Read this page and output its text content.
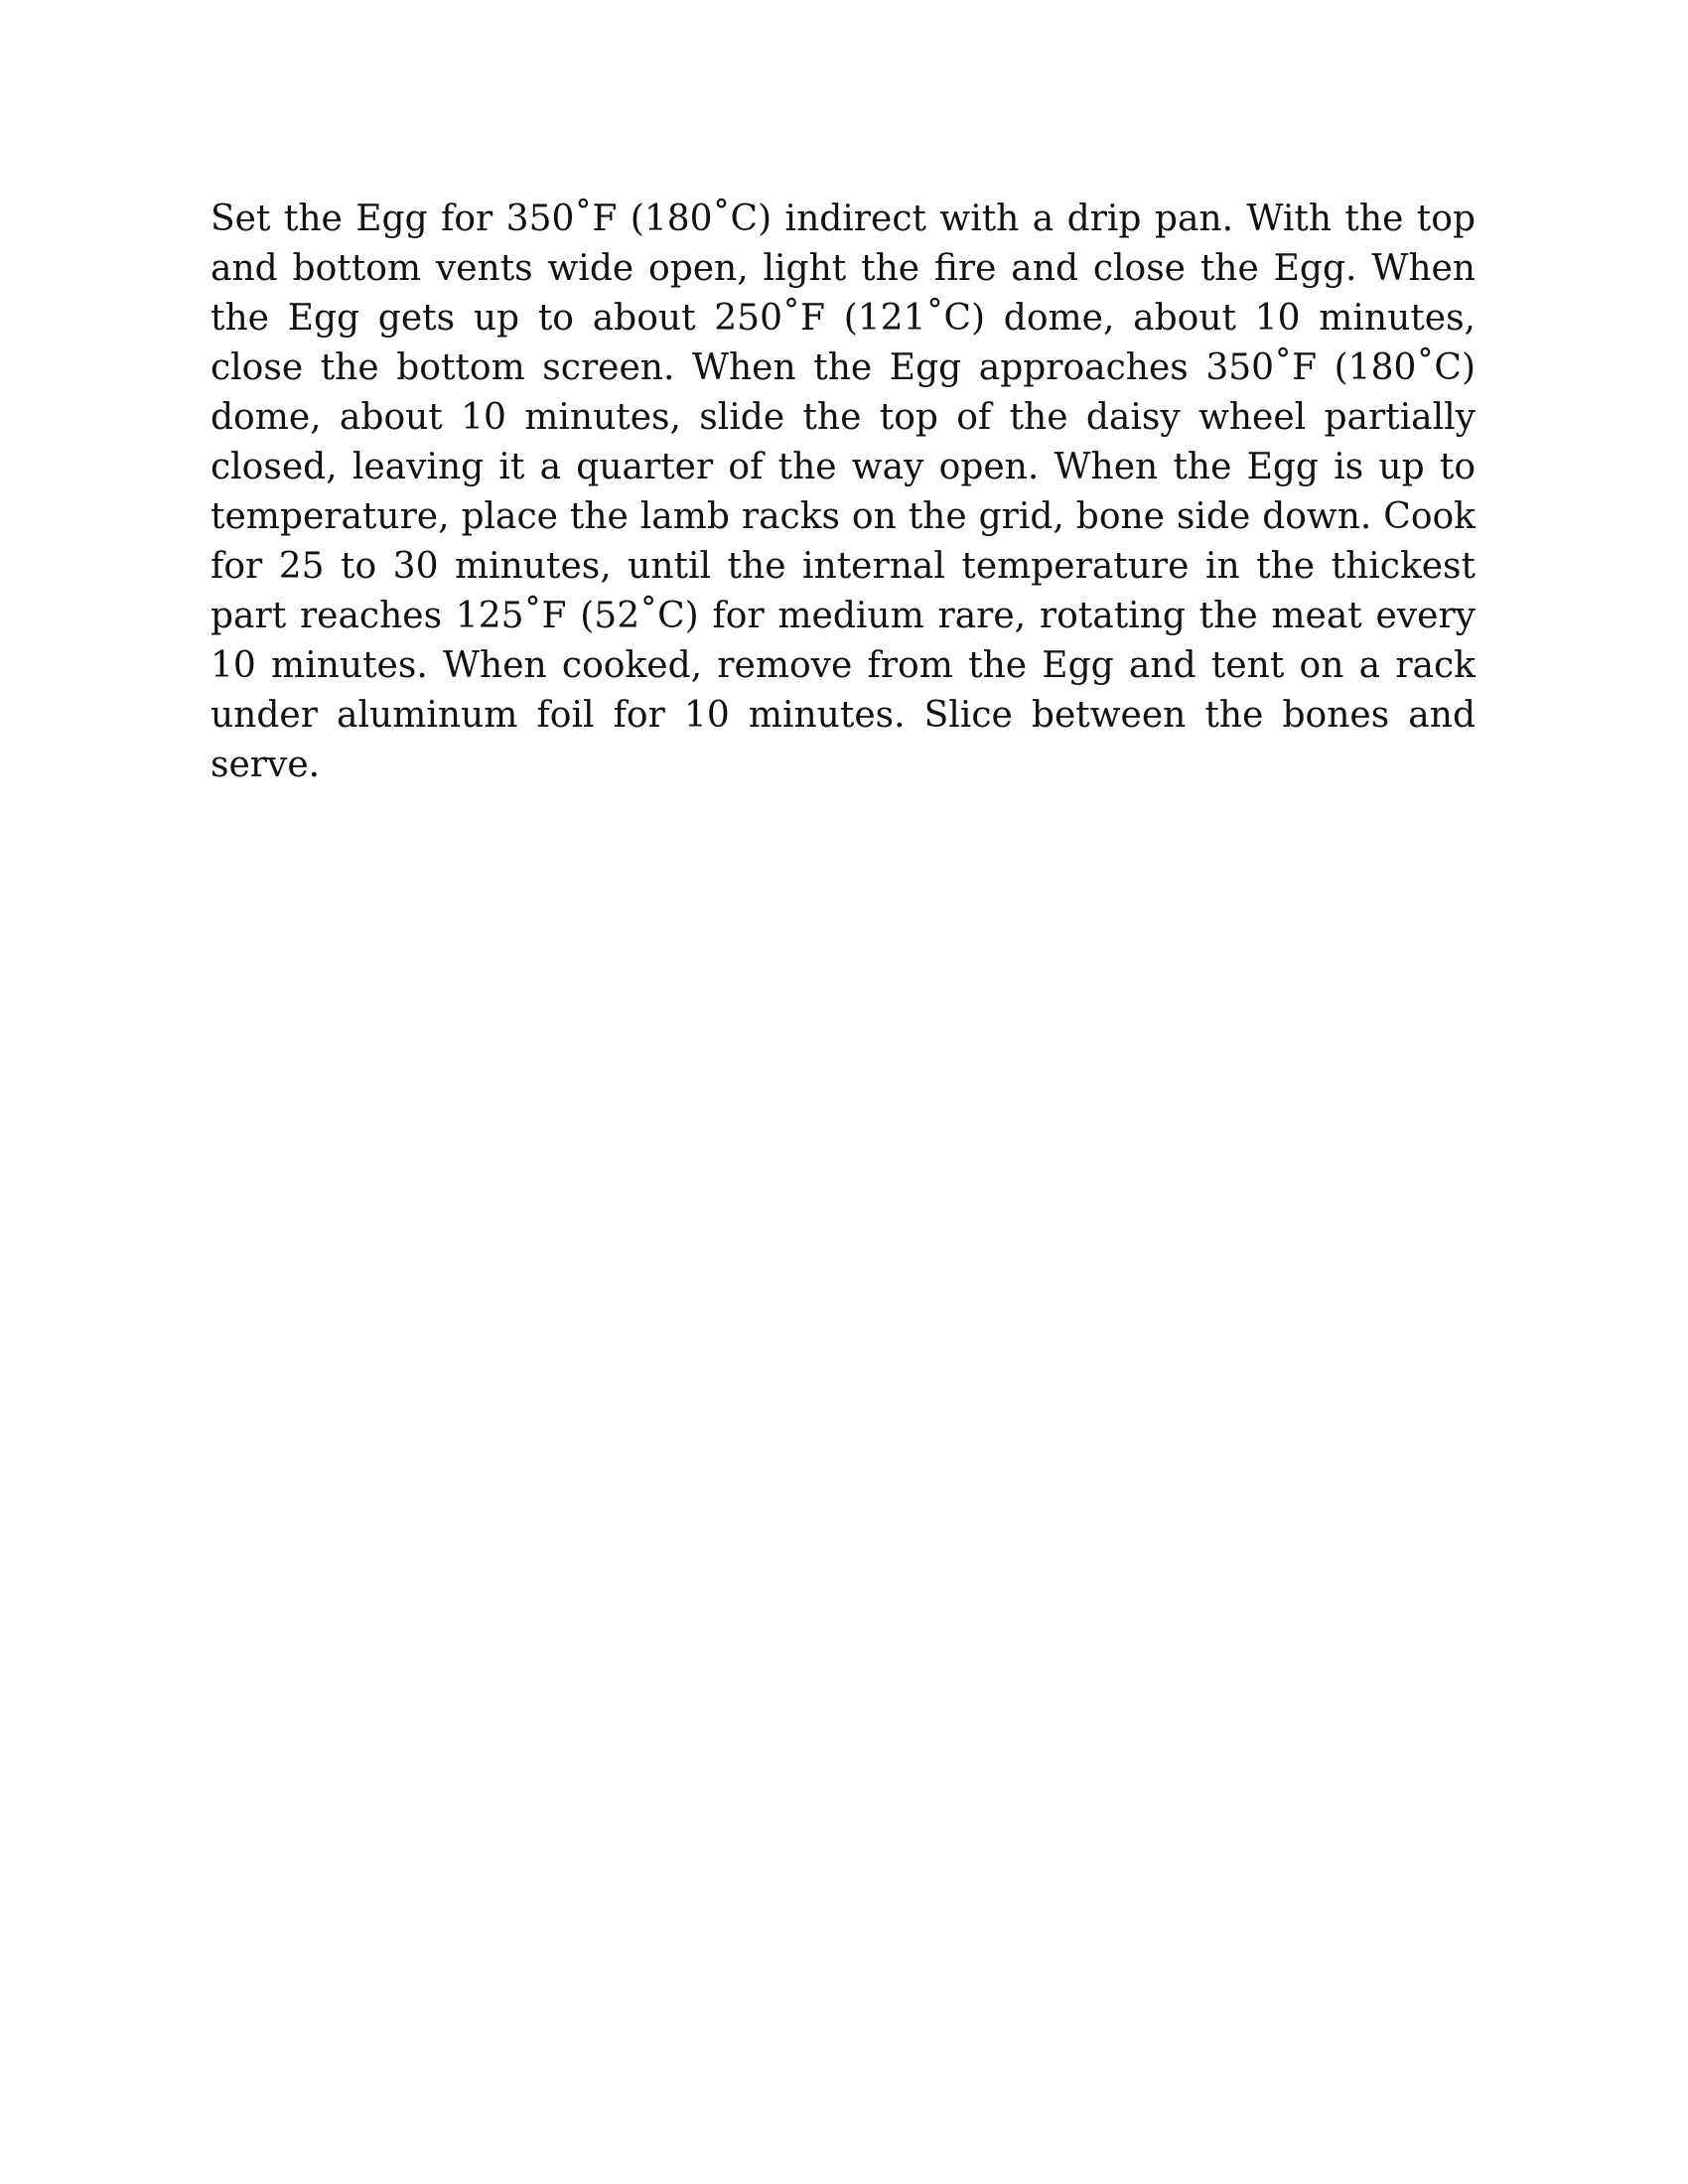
Set the Egg for 350˚F (180˚C) indirect with a drip pan. With the top and bottom vents wide open, light the fire and close the Egg. When the Egg gets up to about 250˚F (121˚C) dome, about 10 minutes, close the bottom screen. When the Egg approaches 350˚F (180˚C) dome, about 10 minutes, slide the top of the daisy wheel partially closed, leaving it a quarter of the way open. When the Egg is up to temperature, place the lamb racks on the grid, bone side down. Cook for 25 to 30 minutes, until the internal temperature in the thickest part reaches 125˚F (52˚C) for medium rare, rotating the meat every 10 minutes. When cooked, remove from the Egg and tent on a rack under aluminum foil for 10 minutes. Slice between the bones and serve.
